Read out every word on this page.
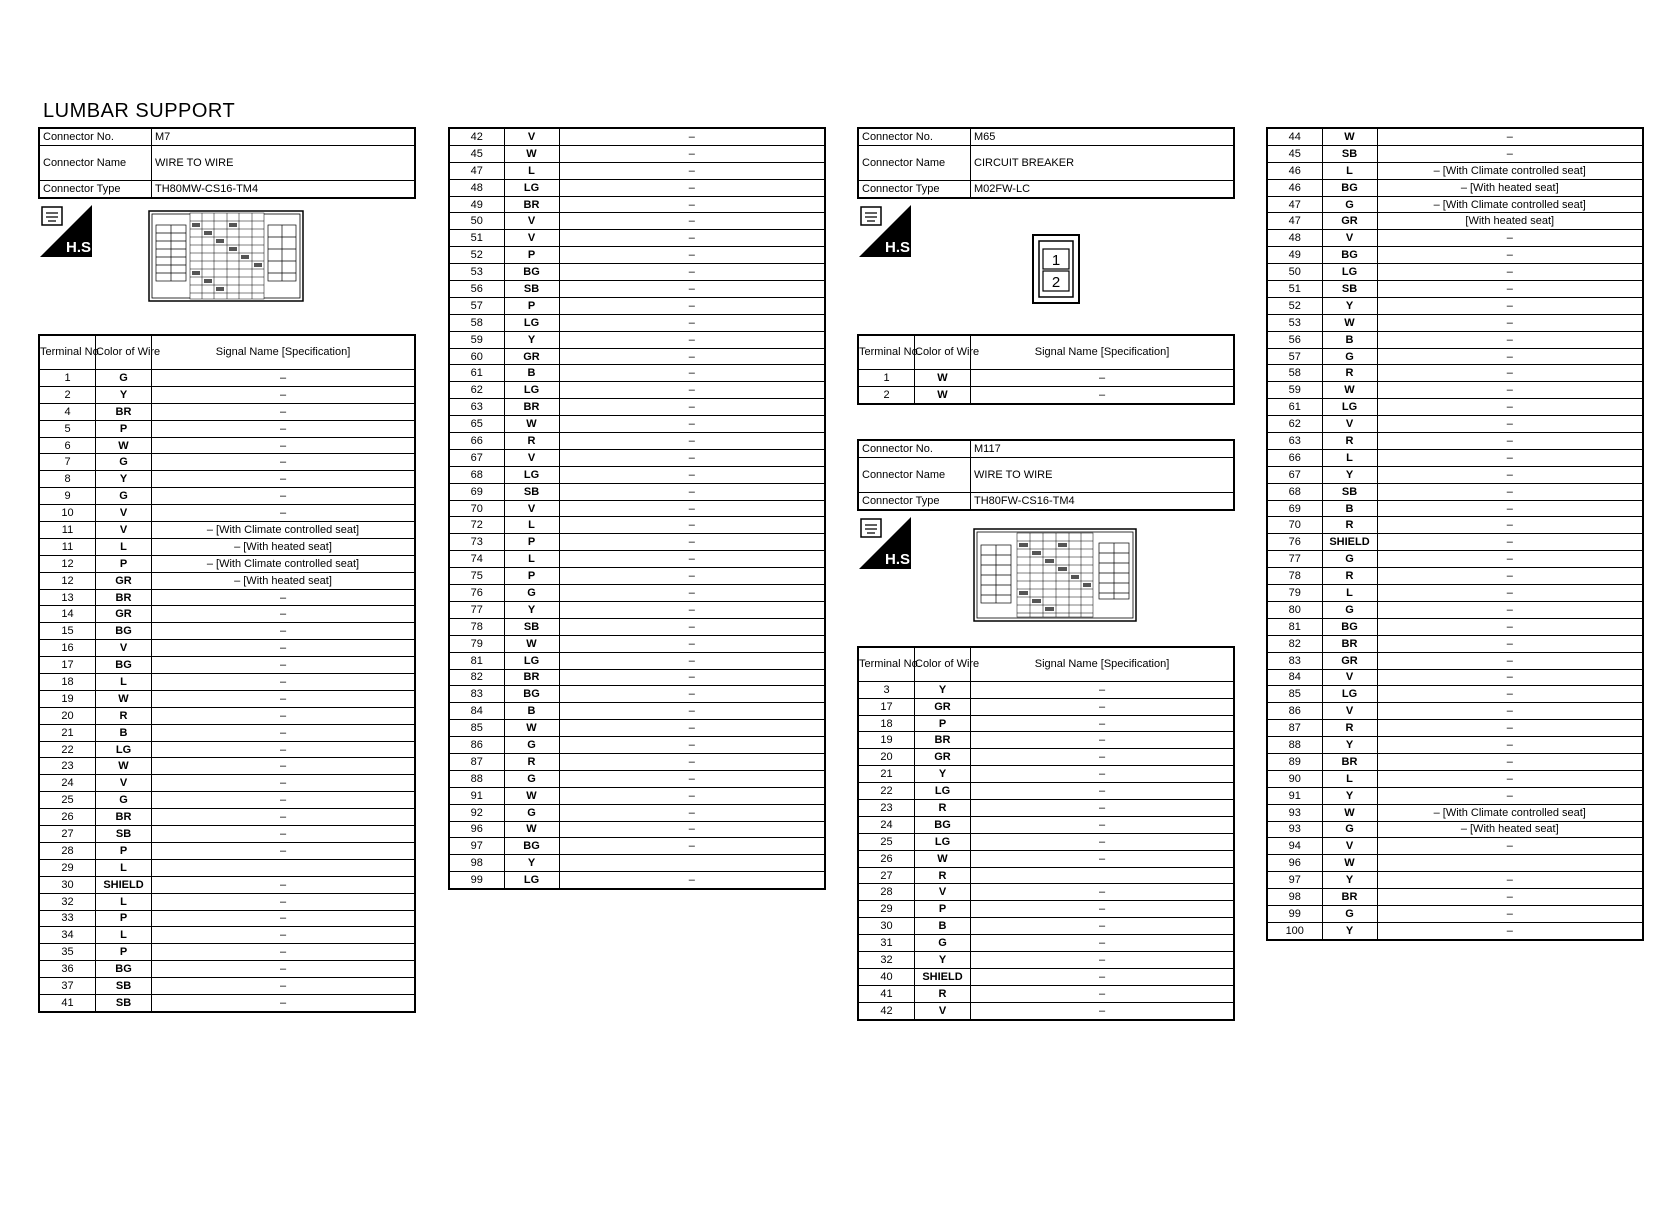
LUMBAR SUPPORT
Connector No.	M7
Connector Name	WIRE TO WIRE
Connector Type	TH80MW-CS16-TM4
H.S.
Terminal No.	Color of Wire	Signal Name [Specification]
1	G	–
2	Y	–
4	BR	–
5	P	–
6	W	–
7	G	–
8	Y	–
9	G	–
10	V	–
11	V	– [With Climate controlled seat]
11	L	– [With heated seat]
12	P	– [With Climate controlled seat]
12	GR	– [With heated seat]
13	BR	–
14	GR	–
15	BG	–
16	V	–
17	BG	–
18	L	–
19	W	–
20	R	–
21	B	–
22	LG	–
23	W	–
24	V	–
25	G	–
26	BR	–
27	SB	–
28	P	–
29	L	
30	SHIELD	–
32	L	–
33	P	–
34	L	–
35	P	–
36	BG	–
37	SB	–
41	SB	–
42	V	–
45	W	–
47	L	–
48	LG	–
49	BR	–
50	V	–
51	V	–
52	P	–
53	BG	–
56	SB	–
57	P	–
58	LG	–
59	Y	–
60	GR	–
61	B	–
62	LG	–
63	BR	–
65	W	–
66	R	–
67	V	–
68	LG	–
69	SB	–
70	V	–
72	L	–
73	P	–
74	L	–
75	P	–
76	G	–
77	Y	–
78	SB	–
79	W	–
81	LG	–
82	BR	–
83	BG	–
84	B	–
85	W	–
86	G	–
87	R	–
88	G	–
91	W	–
92	G	–
96	W	–
97	BG	–
98	Y	
99	LG	–
Connector No.	M65
Connector Name	CIRCUIT BREAKER
Connector Type	M02FW-LC
H.S.
1
2
Terminal No.	Color of Wire	Signal Name [Specification]
1	W	–
2	W	–
Connector No.	M117
Connector Name	WIRE TO WIRE
Connector Type	TH80FW-CS16-TM4
H.S.
Terminal No.	Color of Wire	Signal Name [Specification]
3	Y	–
17	GR	–
18	P	–
19	BR	–
20	GR	–
21	Y	–
22	LG	–
23	R	–
24	BG	–
25	LG	–
26	W	–
27	R	
28	V	–
29	P	–
30	B	–
31	G	–
32	Y	–
40	SHIELD	–
41	R	–
42	V	–
44	W	–
45	SB	–
46	L	– [With Climate controlled seat]
46	BG	– [With heated seat]
47	G	– [With Climate controlled seat]
47	GR	[With heated seat]
48	V	–
49	BG	–
50	LG	–
51	SB	–
52	Y	–
53	W	–
56	B	–
57	G	–
58	R	–
59	W	–
61	LG	–
62	V	–
63	R	–
66	L	–
67	Y	–
68	SB	–
69	B	–
70	R	–
76	SHIELD	–
77	G	–
78	R	–
79	L	–
80	G	–
81	BG	–
82	BR	–
83	GR	–
84	V	–
85	LG	–
86	V	–
87	R	–
88	Y	–
89	BR	–
90	L	–
91	Y	–
93	W	– [With Climate controlled seat]
93	G	– [With heated seat]
94	V	–
96	W	
97	Y	–
98	BR	–
99	G	–
100	Y	–
